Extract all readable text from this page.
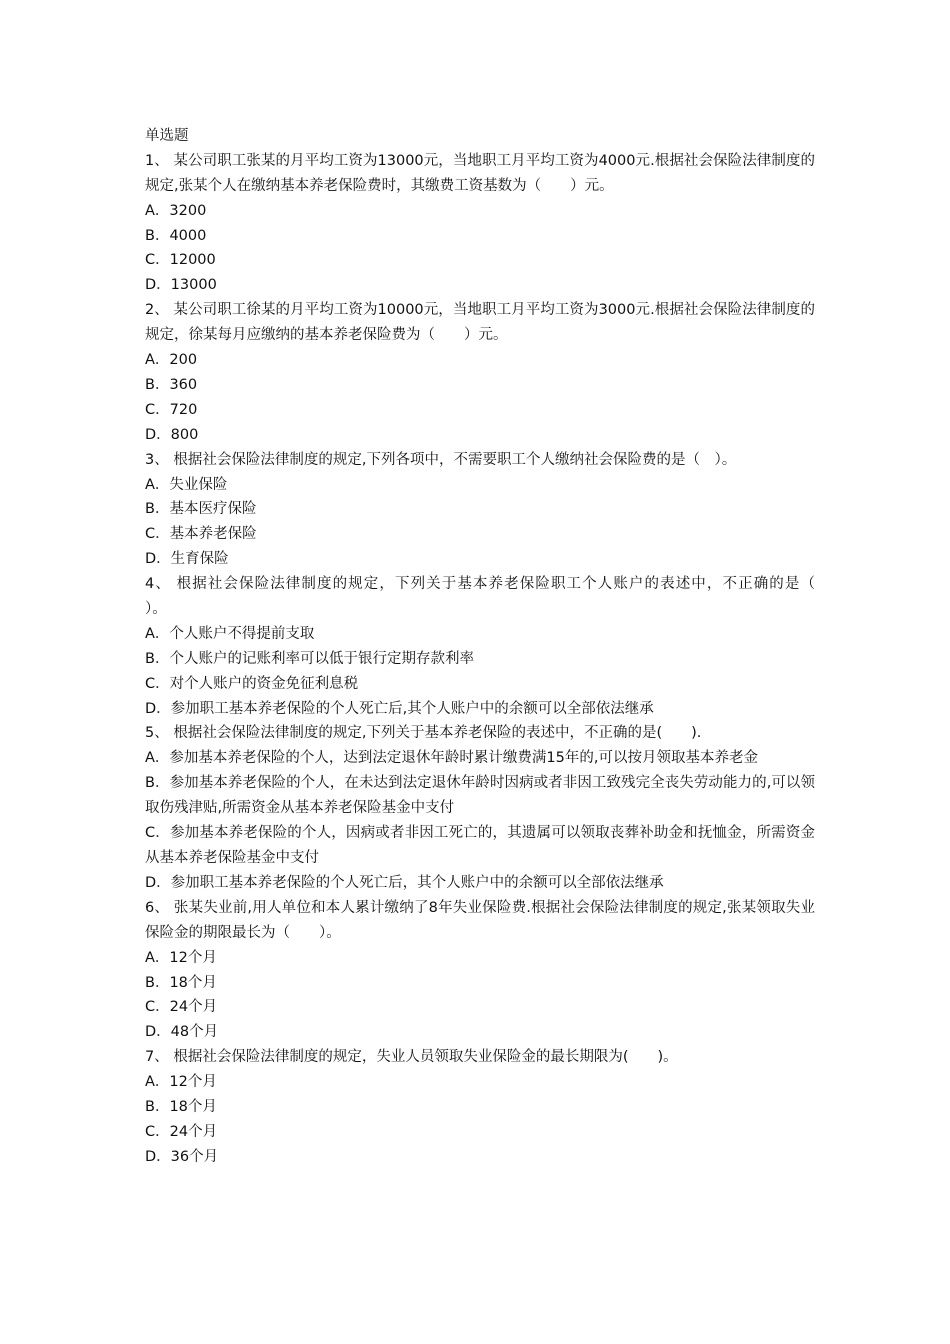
单选题
1、 某公司职工张某的月平均工资为13000元，当地职工月平均工资为4000元.根据社会保险法律制度的规定,张某个人在缴纳基本养老保险费时，其缴费工资基数为（　　）元。
A．3200
B．4000
C．12000
D．13000
2、 某公司职工徐某的月平均工资为10000元，当地职工月平均工资为3000元.根据社会保险法律制度的规定，徐某每月应缴纳的基本养老保险费为（　　）元。
A．200
B．360
C．720
D．800
3、 根据社会保险法律制度的规定,下列各项中，不需要职工个人缴纳社会保险费的是（　）。
A．失业保险
B．基本医疗保险
C．基本养老保险
D．生育保险
4、 根据社会保险法律制度的规定，下列关于基本养老保险职工个人账户的表述中，不正确的是（　　）。
A．个人账户不得提前支取
B．个人账户的记账利率可以低于银行定期存款利率
C．对个人账户的资金免征利息税
D．参加职工基本养老保险的个人死亡后,其个人账户中的余额可以全部依法继承
5、 根据社会保险法律制度的规定,下列关于基本养老保险的表述中，不正确的是(　　).
A．参加基本养老保险的个人，达到法定退休年龄时累计缴费满15年的,可以按月领取基本养老金
B．参加基本养老保险的个人，在未达到法定退休年龄时因病或者非因工致残完全丧失劳动能力的,可以领取伤残津贴,所需资金从基本养老保险基金中支付
C．参加基本养老保险的个人，因病或者非因工死亡的，其遗属可以领取丧葬补助金和抚恤金，所需资金从基本养老保险基金中支付
D．参加职工基本养老保险的个人死亡后，其个人账户中的余额可以全部依法继承
6、 张某失业前,用人单位和本人累计缴纳了8年失业保险费.根据社会保险法律制度的规定,张某领取失业保险金的期限最长为（　　）。
A．12个月
B．18个月
C．24个月
D．48个月
7、 根据社会保险法律制度的规定，失业人员领取失业保险金的最长期限为(　　)。
A．12个月
B．18个月
C．24个月
D．36个月
